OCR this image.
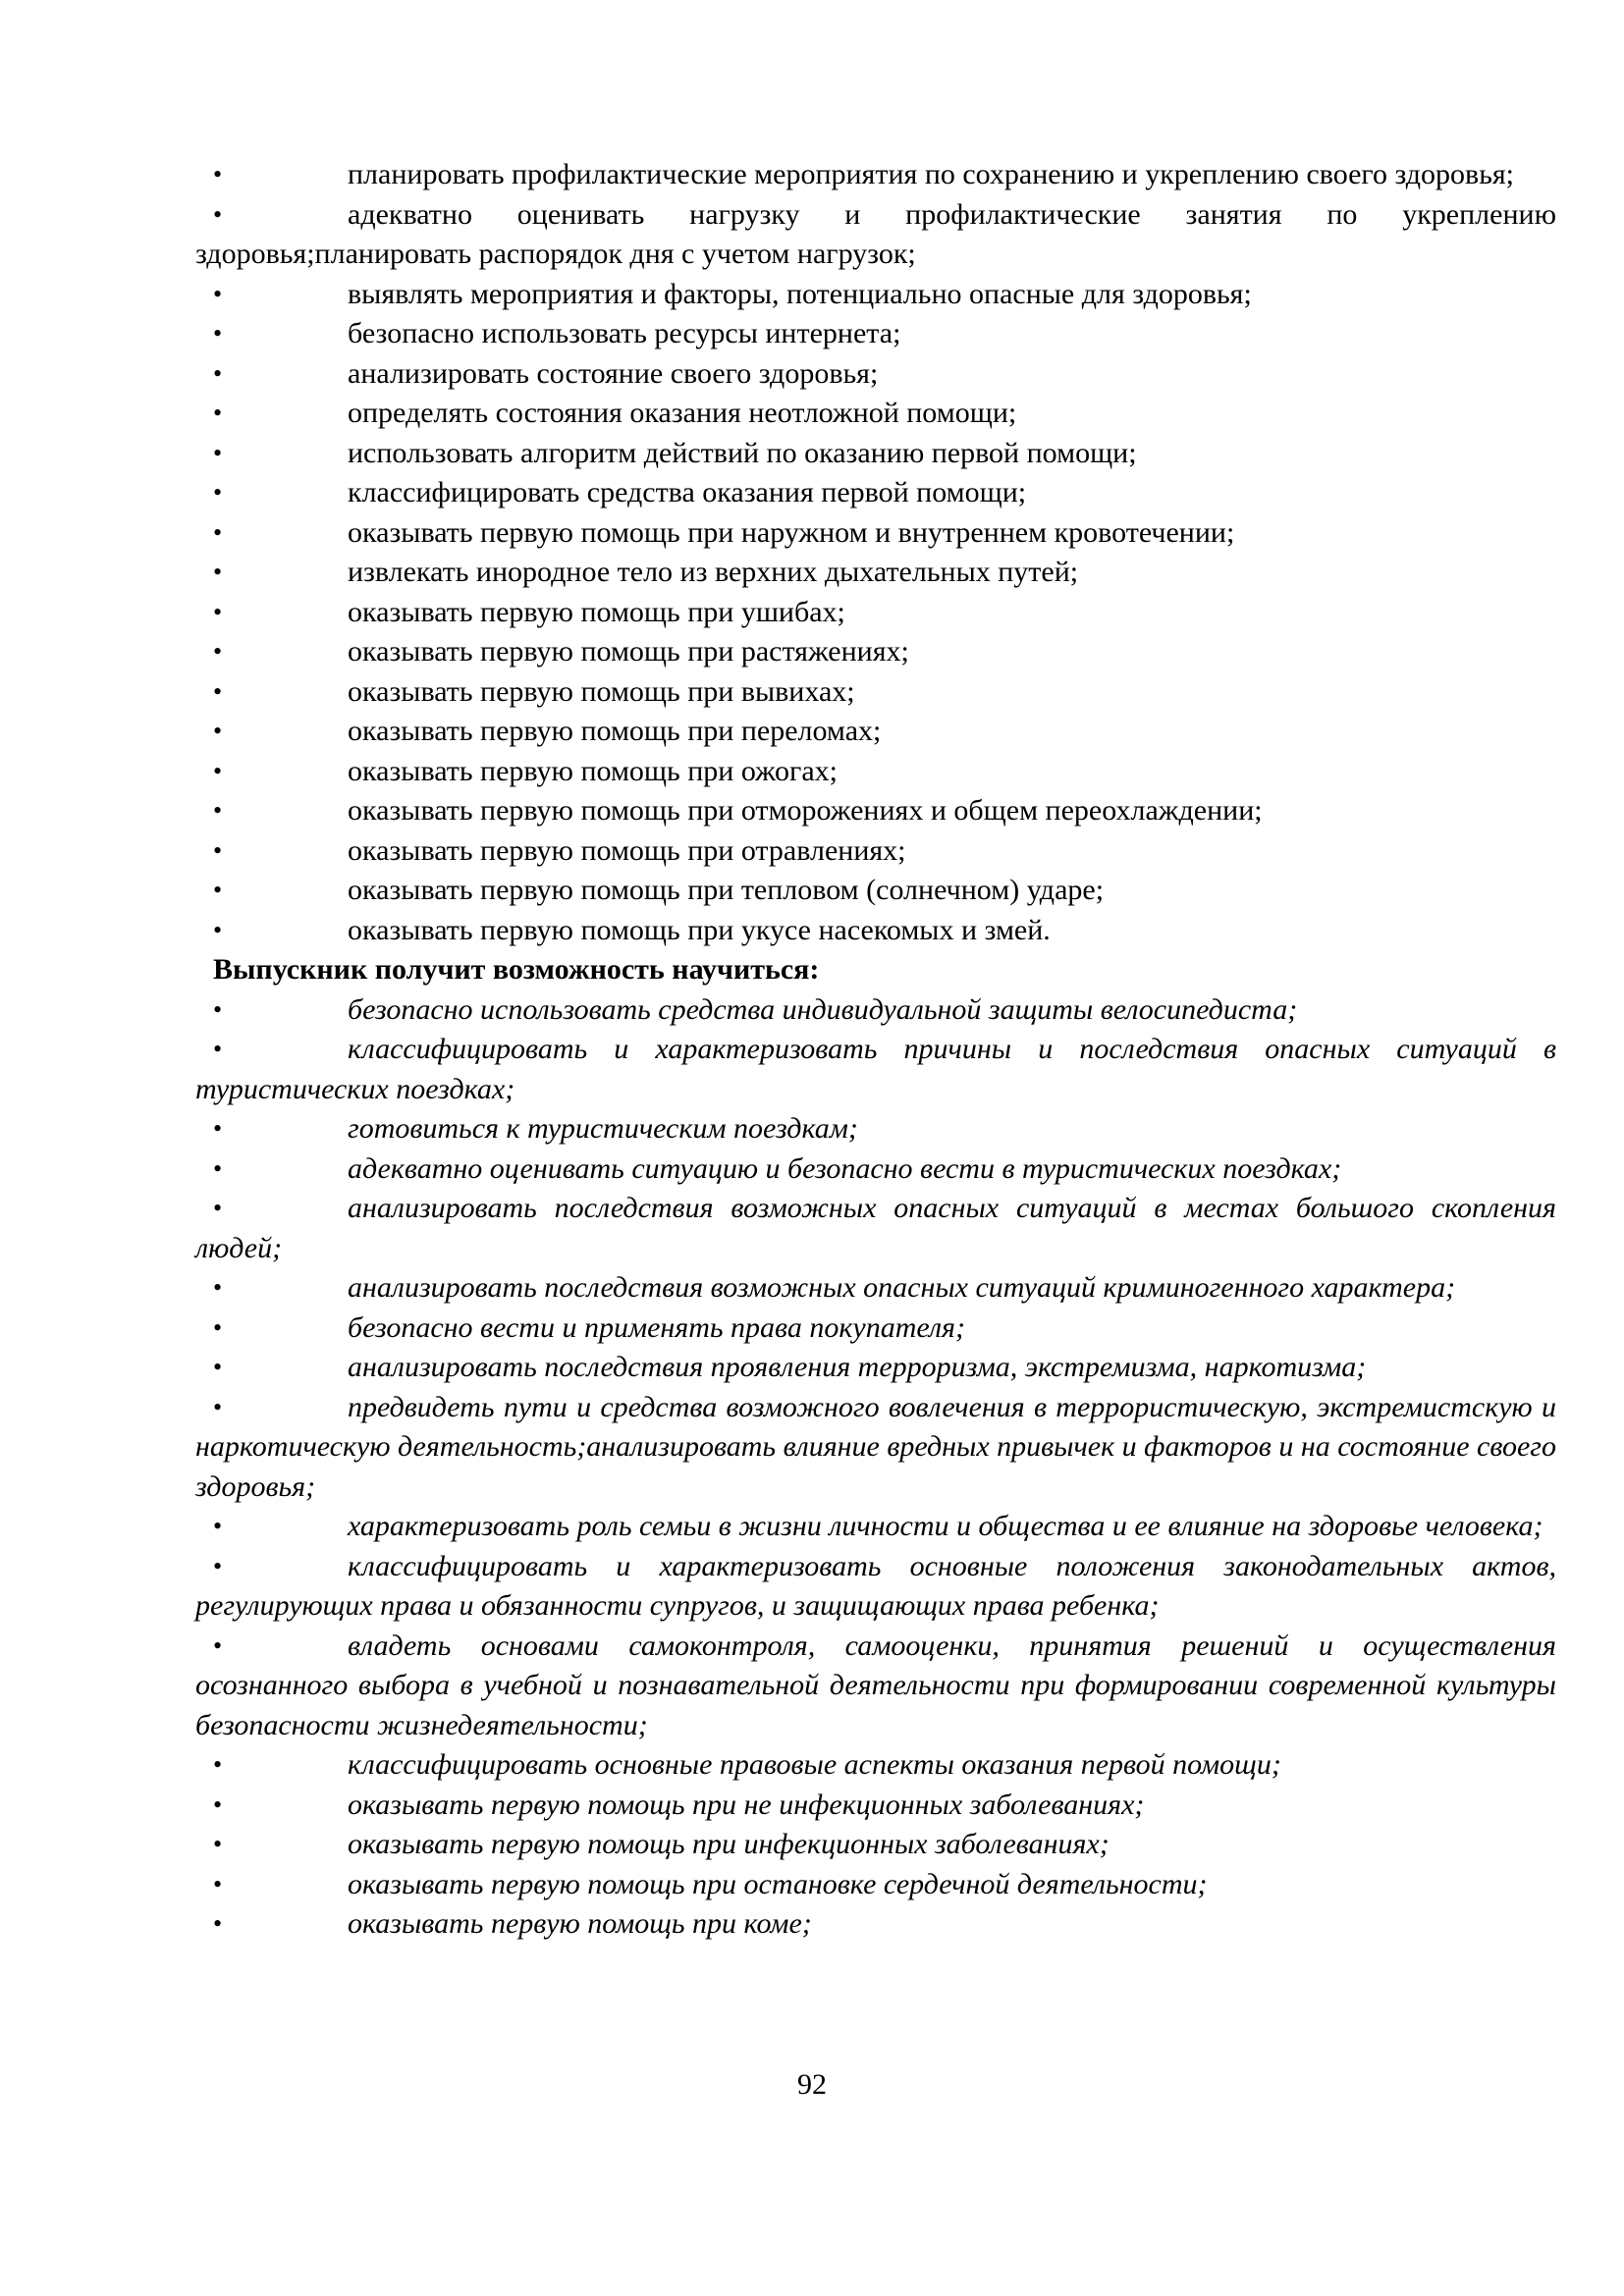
•	планировать профилактические мероприятия по сохранению и укреплению своего здоровья;

•	адекватно оценивать нагрузку и профилактические занятия по укреплению здоровья;планировать распорядок дня с учетом нагрузок;

•	выявлять мероприятия и факторы, потенциально опасные для здоровья;

•	безопасно использовать ресурсы интернета;

•	анализировать состояние своего здоровья;

•	определять состояния оказания неотложной помощи;

•	использовать алгоритм действий по оказанию первой помощи;

•	классифицировать средства оказания первой помощи;

•	оказывать первую помощь при наружном и внутреннем кровотечении;

•	извлекать инородное тело из верхних дыхательных путей;

•	оказывать первую помощь при ушибах;

•	оказывать первую помощь при растяжениях;

•	оказывать первую помощь при вывихах;

•	оказывать первую помощь при переломах;

•	оказывать первую помощь при ожогах;

•	оказывать первую помощь при отморожениях и общем переохлаждении;

•	оказывать первую помощь при отравлениях;

•	оказывать первую помощь при тепловом (солнечном) ударе;

•	оказывать первую помощь при укусе насекомых и змей.

Выпускник получит возможность научиться:

•	безопасно использовать средства индивидуальной защиты велосипедиста;

•	классифицировать и характеризовать причины и последствия опасных ситуаций в туристических поездках;

•	готовиться к туристическим поездкам;

•	адекватно оценивать ситуацию и безопасно вести в туристических поездках;

•	анализировать последствия возможных опасных ситуаций в местах большого скопления людей;

•	анализировать последствия возможных опасных ситуаций криминогенного характера;

•	безопасно вести и применять права покупателя;

•	анализировать последствия проявления терроризма, экстремизма, наркотизма;

•	предвидеть пути и средства возможного вовлечения в террористическую, экстремистскую и наркотическую деятельность;анализировать влияние вредных привычек и факторов и на состояние своего здоровья;

•	характеризовать роль семьи в жизни личности и общества и ее влияние на здоровье человека;

•	классифицировать и характеризовать основные положения законодательных актов, регулирующих права и обязанности супругов, и защищающих права ребенка;

•	владеть основами самоконтроля, самооценки, принятия решений и осуществления осознанного выбора в учебной и познавательной деятельности при формировании современной культуры безопасности жизнедеятельности;

•	классифицировать основные правовые аспекты оказания первой помощи;

•	оказывать первую помощь при не инфекционных заболеваниях;

•	оказывать первую помощь при инфекционных заболеваниях;

•	оказывать первую помощь при остановке сердечной деятельности;

•	оказывать первую помощь при коме;

92
